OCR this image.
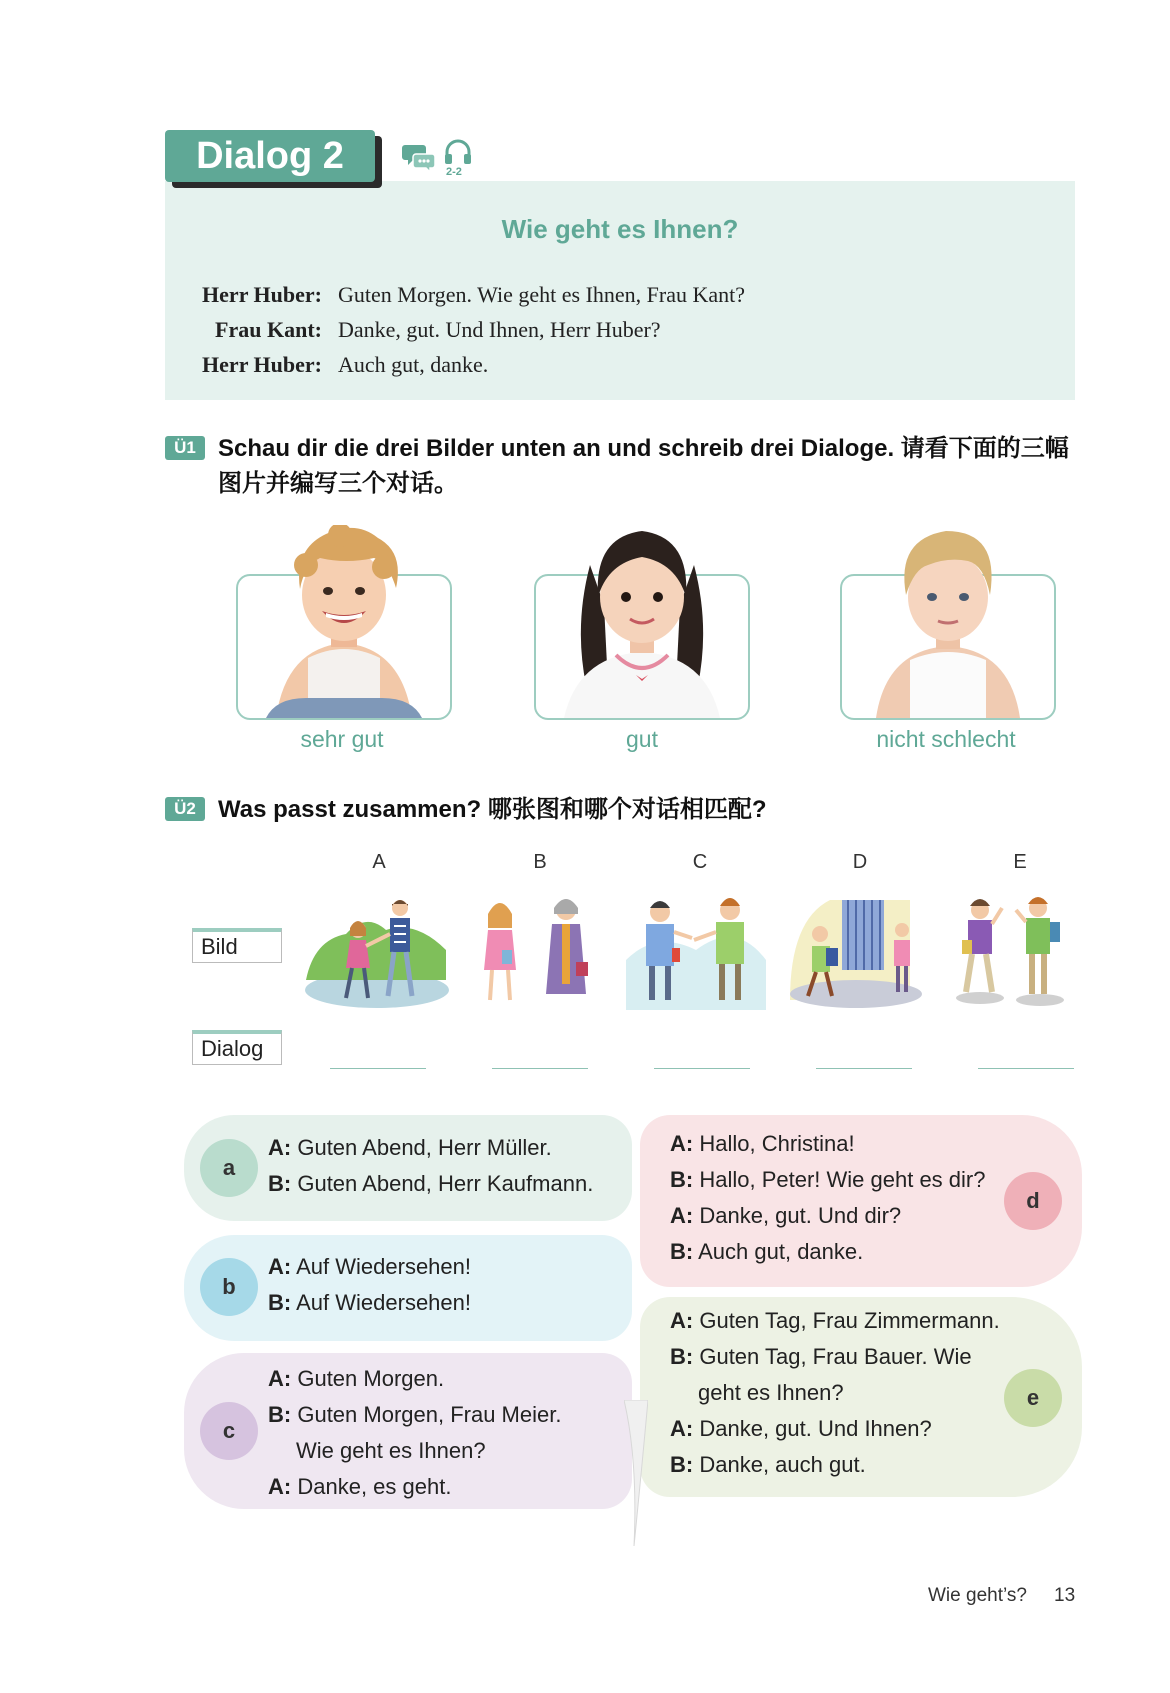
Dialog 2	2-2
Wie geht es Ihnen?
Herr Huber: Guten Morgen. Wie geht es Ihnen, Frau Kant?
Frau Kant: Danke, gut. Und Ihnen, Herr Huber?
Herr Huber: Auch gut, danke.
Ü1 Schau dir die drei Bilder unten an und schreib drei Dialoge. 请看下面的三幅
图片并编写三个对话。
sehr gut	gut	nicht schlecht
Ü2 Was passt zusammen? 哪张图和哪个对话相匹配?
A	B	C	D	E
Bild
Dialog
a
A: Guten Abend, Herr Müller.
B: Guten Abend, Herr Kaufmann.
b
A: Auf Wiedersehen!
B: Auf Wiedersehen!
c
A: Guten Morgen.
B: Guten Morgen, Frau Meier.
Wie geht es Ihnen?
A: Danke, es geht.
d
A: Hallo, Christina!
B: Hallo, Peter! Wie geht es dir?
A: Danke, gut. Und dir?
B: Auch gut, danke.
e
A: Guten Tag, Frau Zimmermann.
B: Guten Tag, Frau Bauer. Wie
geht es Ihnen?
A: Danke, gut. Und Ihnen?
B: Danke, auch gut.
Wie geht’s? 13
